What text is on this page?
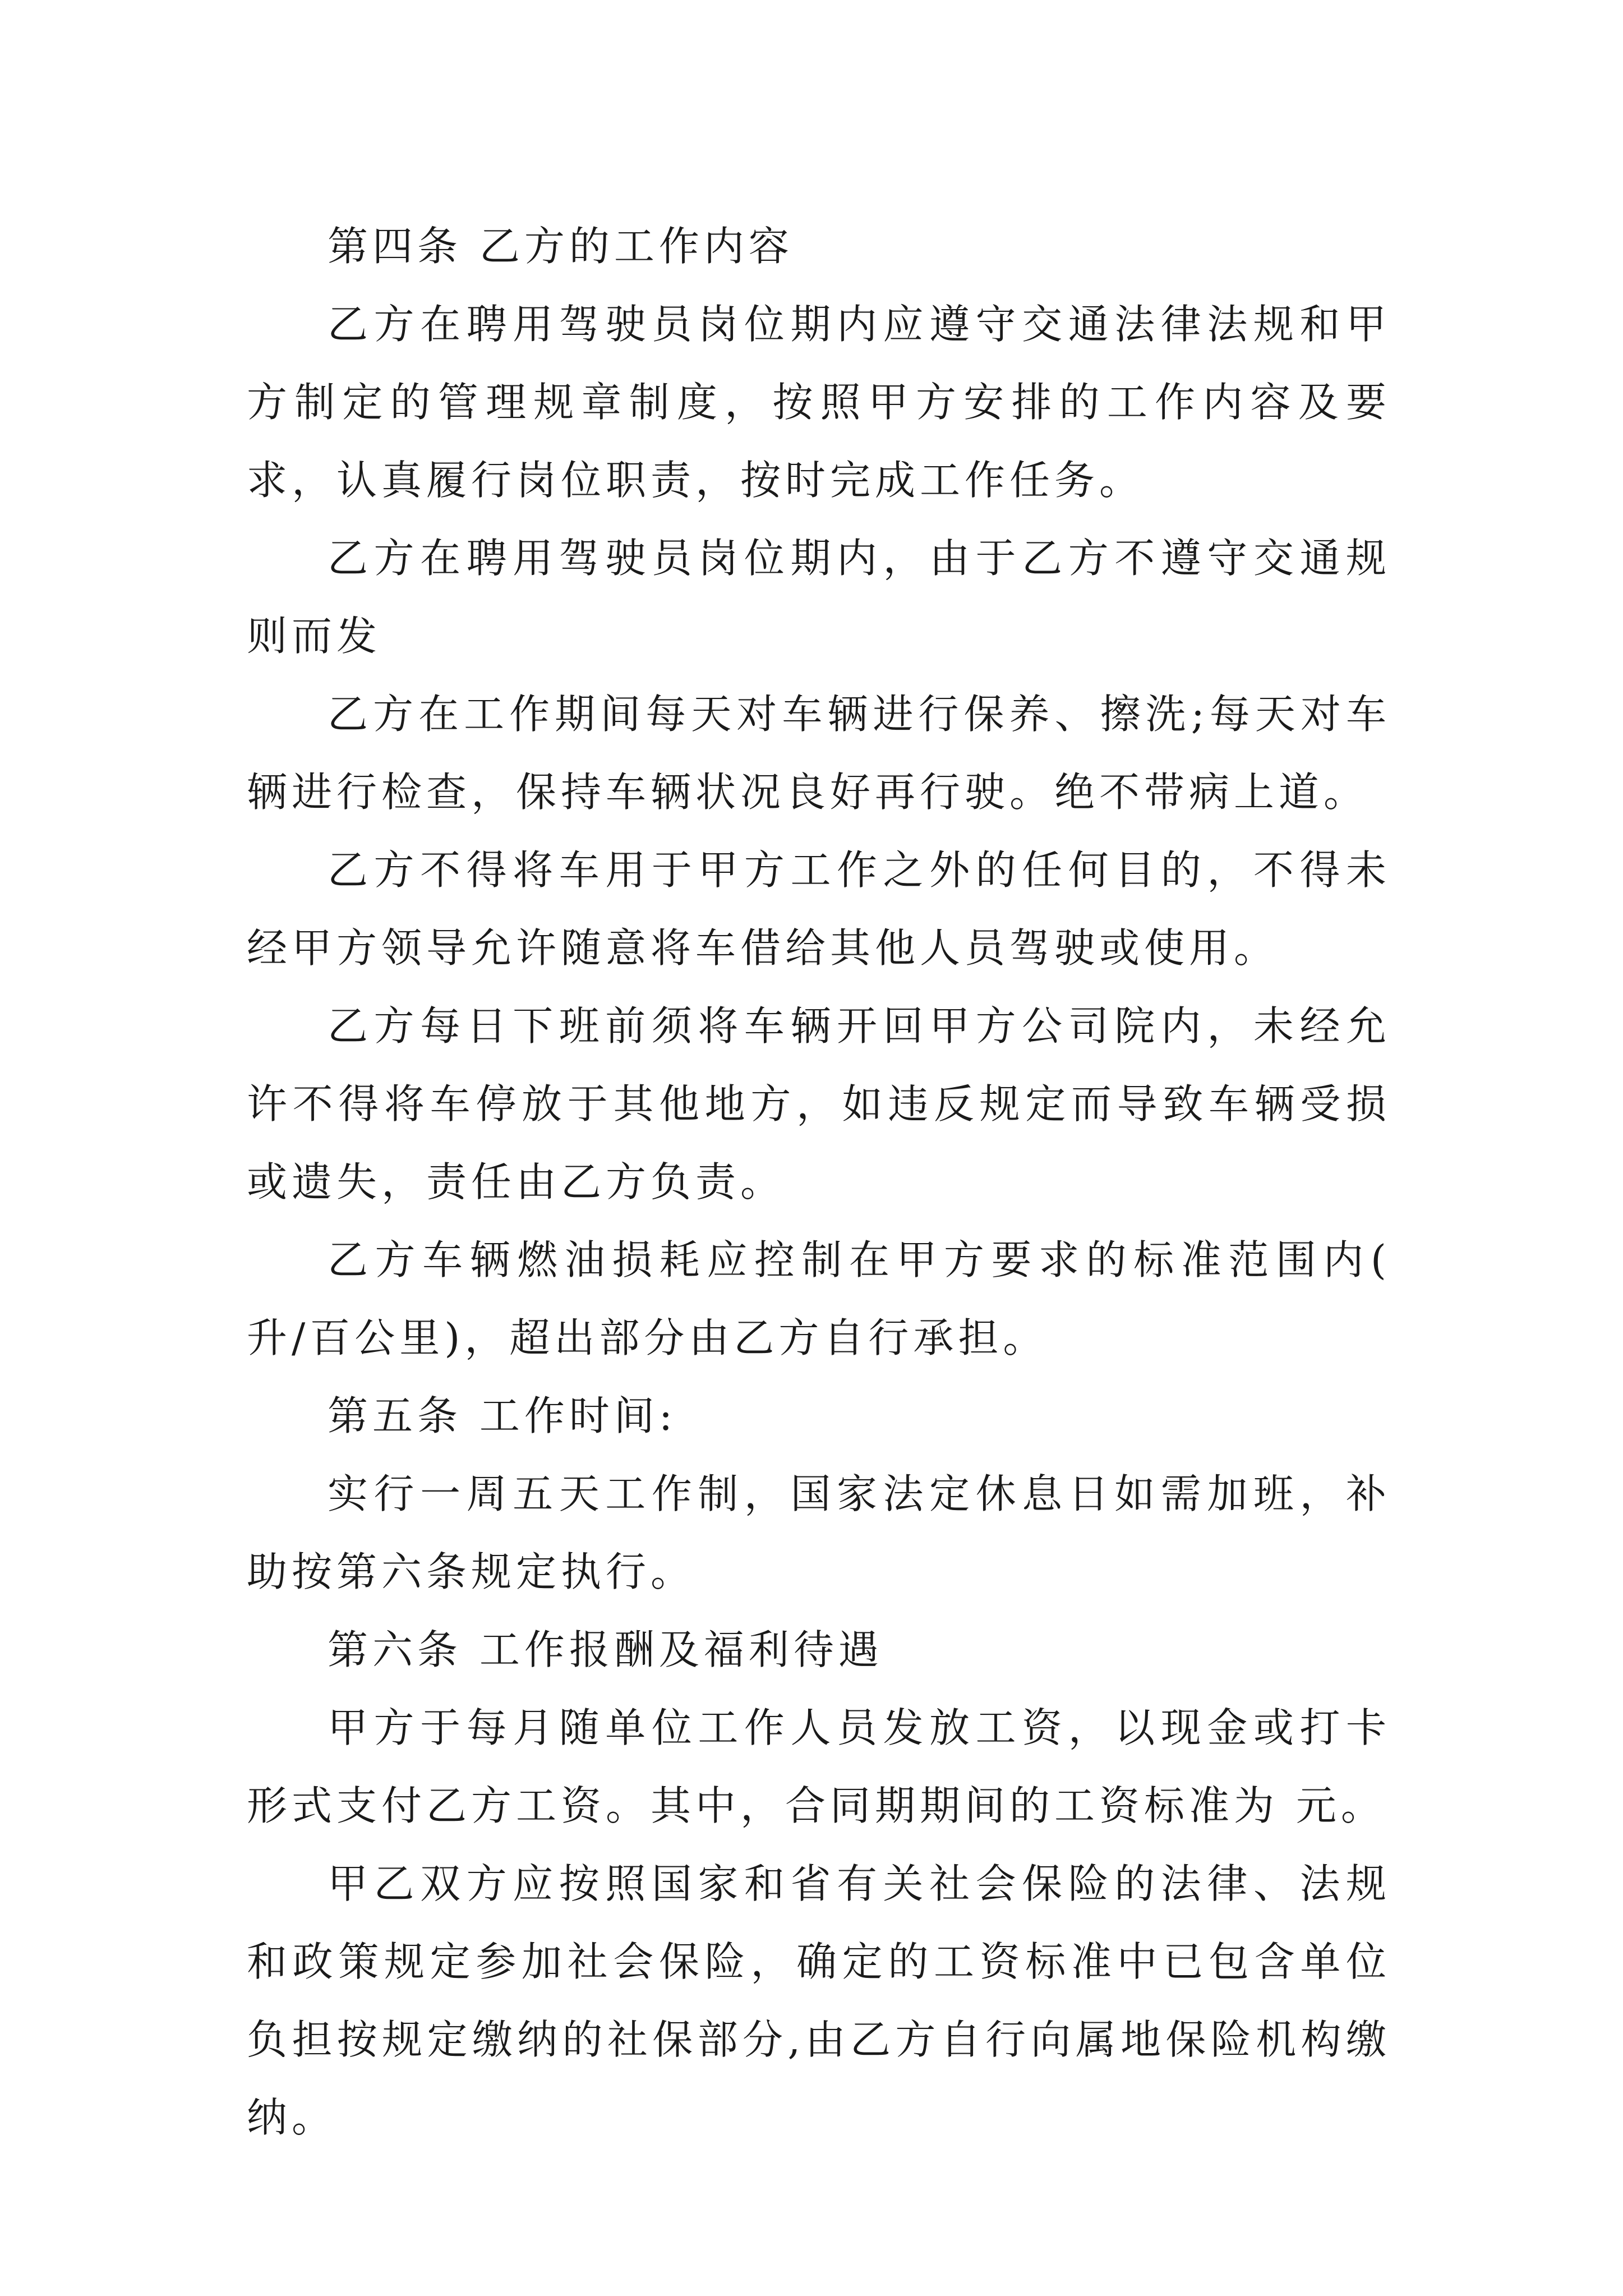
第四条 乙方的工作内容

乙方在聘用驾驶员岗位期内应遵守交通法律法规和甲方制定的管理规章制度，按照甲方安排的工作内容及要求，认真履行岗位职责，按时完成工作任务。

乙方在聘用驾驶员岗位期内，由于乙方不遵守交通规则而发

乙方在工作期间每天对车辆进行保养、擦洗;每天对车辆进行检查，保持车辆状况良好再行驶。绝不带病上道。

乙方不得将车用于甲方工作之外的任何目的，不得未经甲方领导允许随意将车借给其他人员驾驶或使用。

乙方每日下班前须将车辆开回甲方公司院内，未经允许不得将车停放于其他地方，如违反规定而导致车辆受损或遗失，责任由乙方负责。

乙方车辆燃油损耗应控制在甲方要求的标准范围内( 升/百公里)，超出部分由乙方自行承担。

第五条 工作时间:

实行一周五天工作制，国家法定休息日如需加班，补助按第六条规定执行。

第六条 工作报酬及福利待遇

甲方于每月随单位工作人员发放工资，以现金或打卡形式支付乙方工资。其中，合同期期间的工资标准为 元。

甲乙双方应按照国家和省有关社会保险的法律、法规和政策规定参加社会保险，确定的工资标准中已包含单位负担按规定缴纳的社保部分,由乙方自行向属地保险机构缴纳。
